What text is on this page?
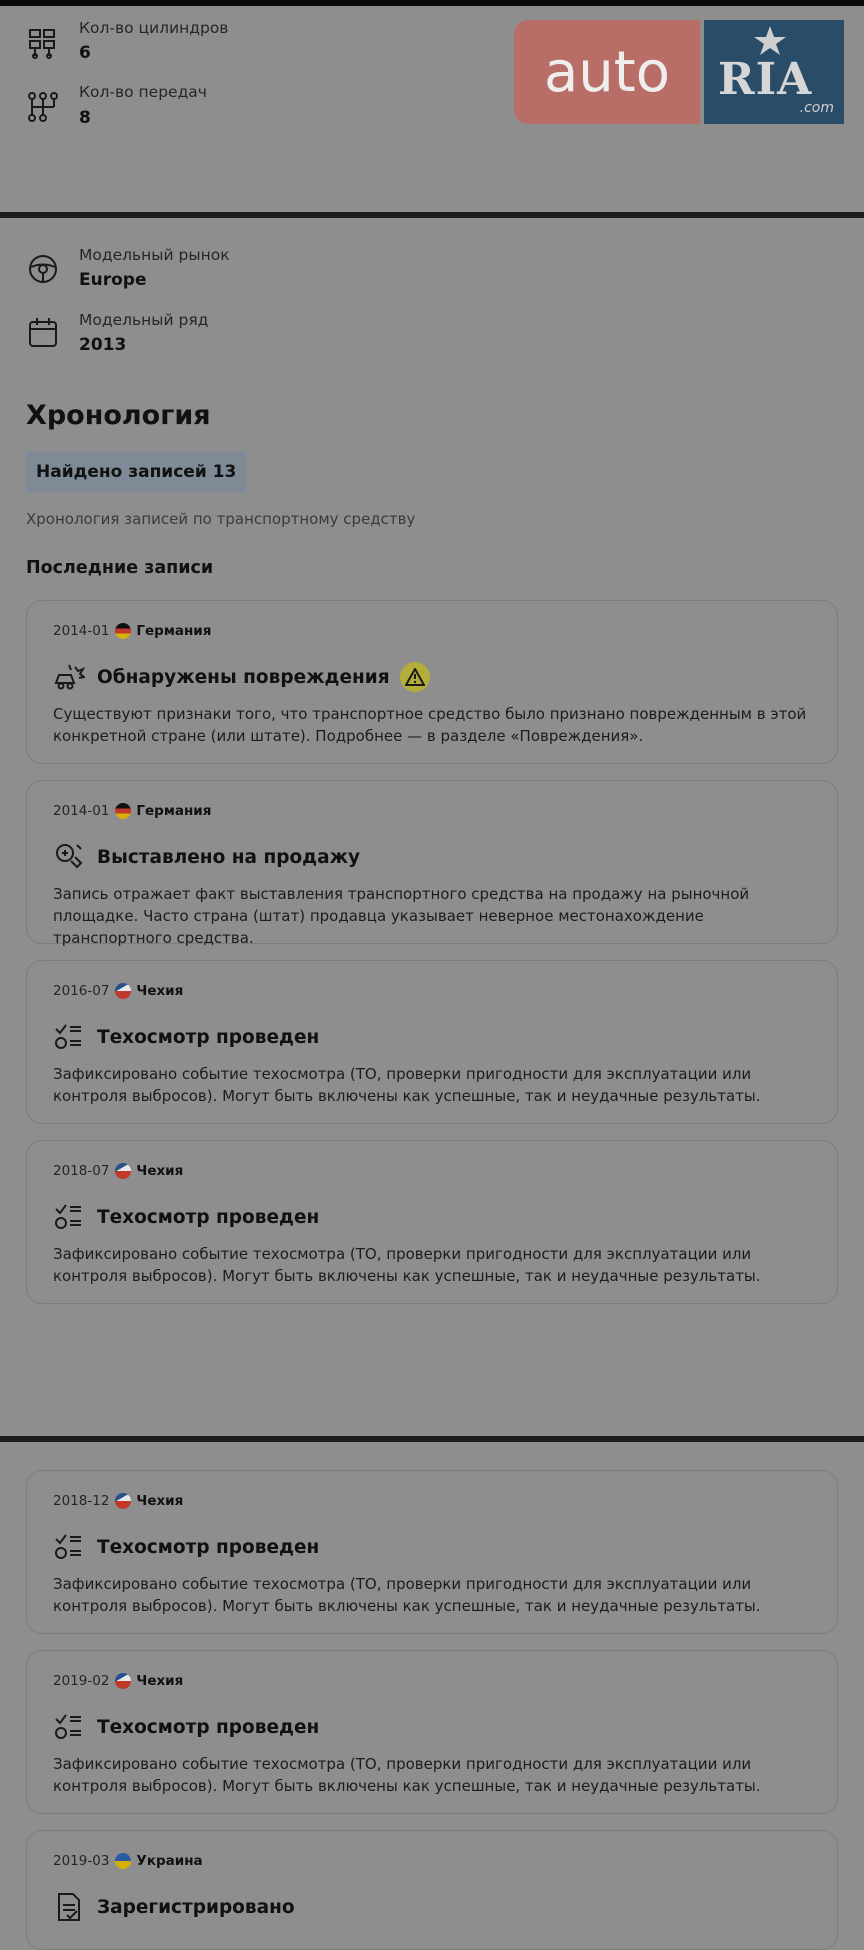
Кол-во цилиндров
6
Кол-во передач
8
auto	RIA
.com
Модельный рынок
Europe
Модельный ряд
2013
Хронология
Найдено записей 13
Хронология записей по транспортному средству
Последние записи
2014-01 Германия
Обнаружены повреждения
Существуют признаки того, что транспортное средство было признано поврежденным в этой конкретной стране (или штате). Подробнее — в разделе «Повреждения».
2014-01 Германия
Выставлено на продажу
Запись отражает факт выставления транспортного средства на продажу на рыночной площадке. Часто страна (штат) продавца указывает неверное местонахождение транспортного средства.
2016-07 Чехия
Техосмотр проведен
Зафиксировано событие техосмотра (ТО, проверки пригодности для эксплуатации или контроля выбросов). Могут быть включены как успешные, так и неудачные результаты.
2018-07 Чехия
Техосмотр проведен
Зафиксировано событие техосмотра (ТО, проверки пригодности для эксплуатации или контроля выбросов). Могут быть включены как успешные, так и неудачные результаты.
2018-12 Чехия
Техосмотр проведен
Зафиксировано событие техосмотра (ТО, проверки пригодности для эксплуатации или контроля выбросов). Могут быть включены как успешные, так и неудачные результаты.
2019-02 Чехия
Техосмотр проведен
Зафиксировано событие техосмотра (ТО, проверки пригодности для эксплуатации или контроля выбросов). Могут быть включены как успешные, так и неудачные результаты.
2019-03 Украина
Зарегистрировано
